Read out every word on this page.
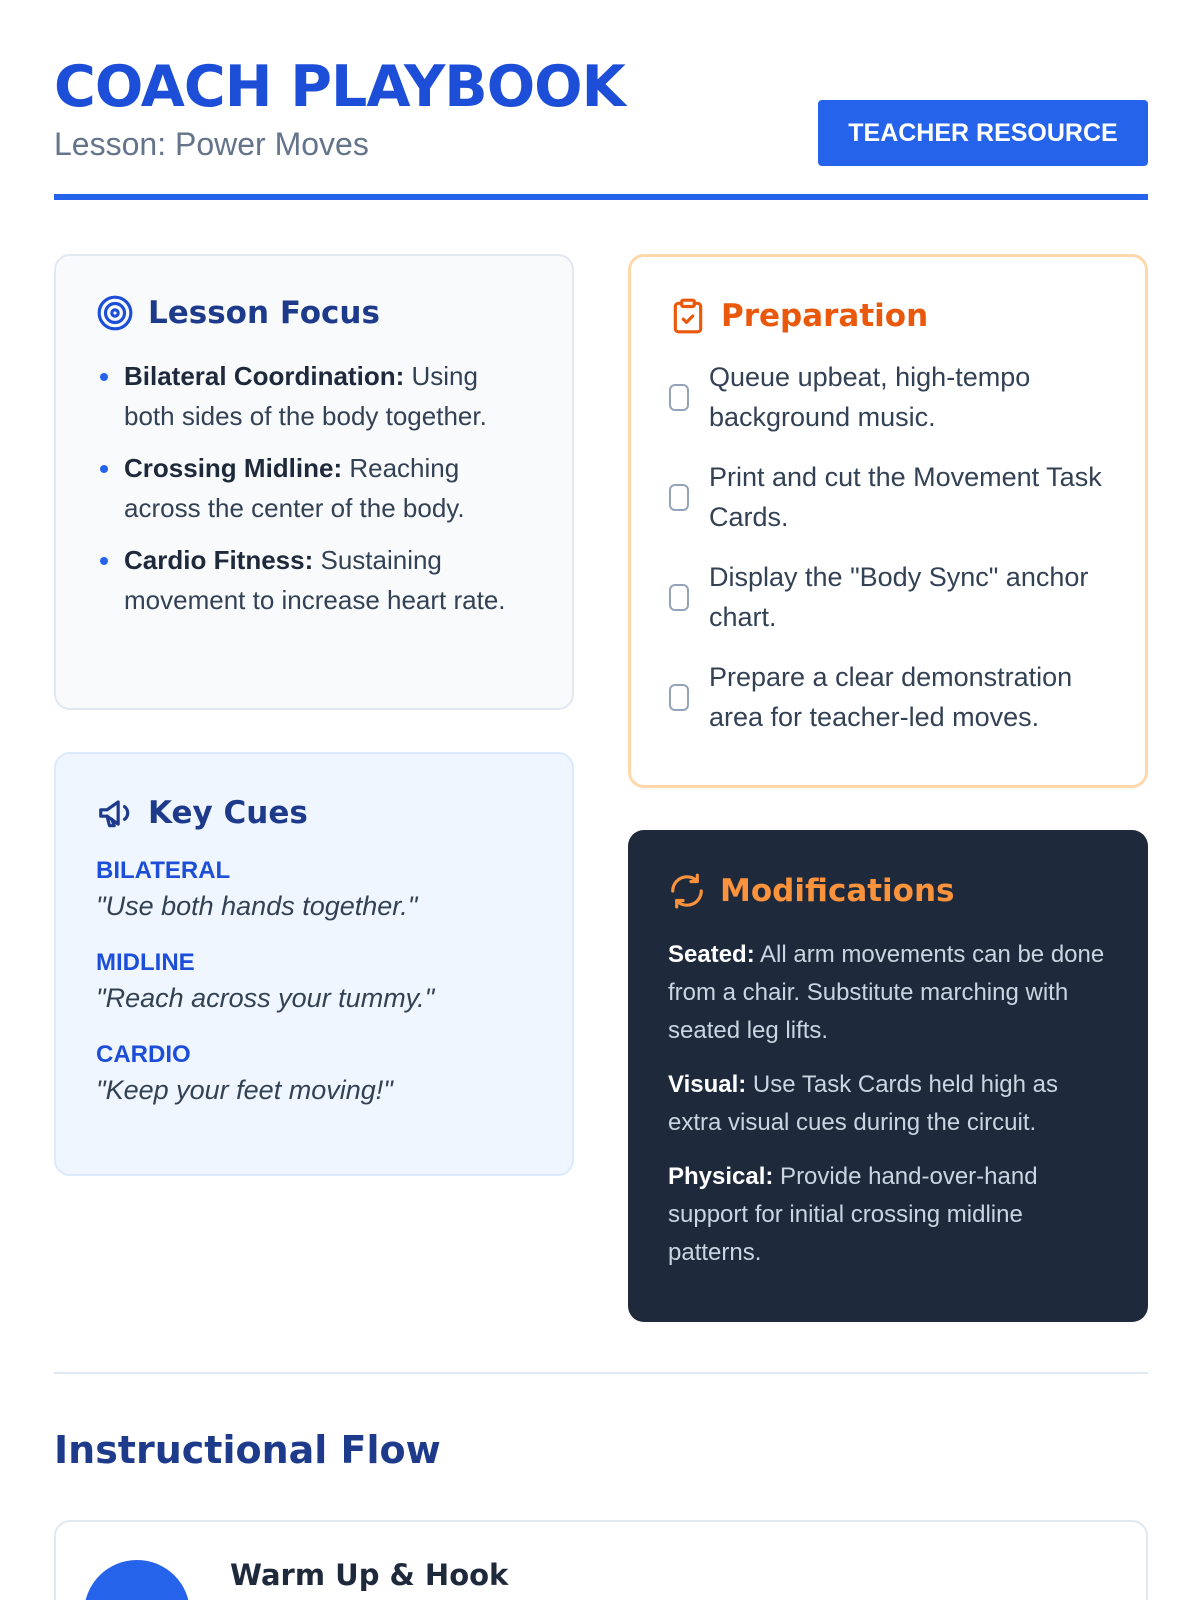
COACH PLAYBOOK
Lesson: Power Moves	TEACHER RESOURCE
Lesson Focus
Bilateral Coordination: Using both sides of the body together.
Crossing Midline: Reaching across the center of the body.
Cardio Fitness: Sustaining movement to increase heart rate.
Preparation
Queue upbeat, high-tempo background music.
Print and cut the Movement Task Cards.
Display the "Body Sync" anchor chart.
Prepare a clear demonstration area for teacher-led moves.
Key Cues
BILATERAL
"Use both hands together."
MIDLINE
"Reach across your tummy."
CARDIO
"Keep your feet moving!"
Modifications

Seated: All arm movements can be done from a chair. Substitute marching with seated leg lifts.

Visual: Use Task Cards held high as extra visual cues during the circuit.

Physical: Provide hand-over-hand support for initial crossing midline patterns.

Instructional Flow
Warm Up & Hook
